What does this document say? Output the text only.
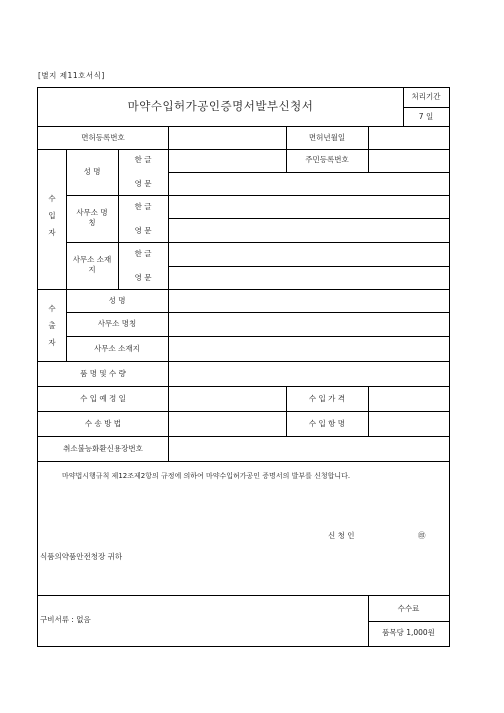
[별지 제11호서식]
마약수입허가공인증명서발부신청서
처리기간
7 일
면허등록번호	면허년월일
수입자
성 명
한 글	주민등록번호
영 문
사무소 명 칭
한 글
영 문
사무소 소재지
한 글
영 문
수출자
성 명
사무소 명칭
사무소 소재지
품 명 및 수 량
수 입 예 정 일	수 입 가 격
수 송 방 법	수 입 항 명
취소불능화환신용장번호
마약법시행규칙 제12조제2항의 규정에 의하여 마약수입허가공인 증명서의 발부를 신청합니다.
신 청 인	㊞
식품의약품안전청장 귀하
구비서류 : 없음
수수료
품목당 1,000원
